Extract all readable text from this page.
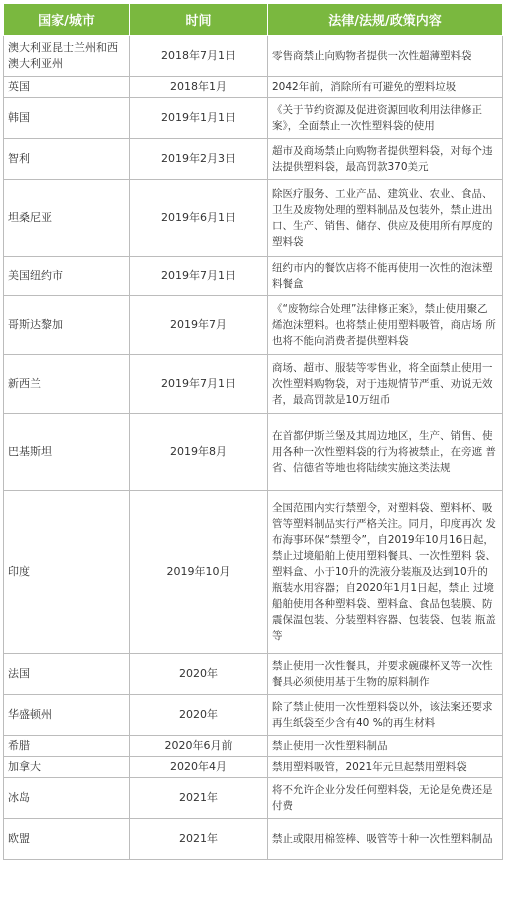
国家/城市	时间	法律/法规/政策内容
澳大利亚昆士兰州和西澳大利亚州	2018年7月1日	零售商禁止向购物者提供一次性超薄塑料袋
英国	2018年1月	2042年前，消除所有可避免的塑料垃圾
韩国	2019年1月1日	《关于节约资源及促进资源回收利用法律修正案》，全面禁止一次性塑料袋的使用
智利	2019年2月3日	超市及商场禁止向购物者提供塑料袋，对每个违法提供塑料袋，最高罚款370美元
坦桑尼亚	2019年6月1日	除医疗服务、工业产品、建筑业、农业、食品、卫生及废物处理的塑料制品及包装外，禁止进出 口、生产、销售、储存、供应及使用所有厚度的塑料袋
美国纽约市	2019年7月1日	纽约市内的餐饮店将不能再使用一次性的泡沫塑料餐盒
哥斯达黎加	2019年7月	《“废物综合处理”法律修正案》，禁止使用聚乙烯泡沫塑料。也将禁止使用塑料吸管，商店场 所也将不能向消费者提供塑料袋
新西兰	2019年7月1日	商场、超市、服装等零售业，将全面禁止使用一次性塑料购物袋，对于违规情节严重、劝说无效 者，最高罚款是10万纽币
巴基斯坦	2019年8月	在首都伊斯兰堡及其周边地区，生产、销售、使用各种一次性塑料袋的行为将被禁止，在旁遮 普省、信德省等地也将陆续实施这类法规
印度	2019年10月	全国范围内实行禁塑令，对塑料袋、塑料杯、吸管等塑料制品实行严格关注。同月，印度再次 发布海事环保“禁塑令”，自2019年10月16日起，禁止过境船舶上使用塑料餐具、一次性塑料 袋、塑料盒、小于10升的洗液分装瓶及达到10升的瓶装水用容器；自2020年1月1日起，禁止 过境船舶使用各种塑料袋、塑料盒、食品包装膜、防震保温包装、分装塑料容器、包装袋、包装 瓶盖等
法国	2020年	禁止使用一次性餐具，并要求碗碟杯叉等一次性餐具必须使用基于生物的原料制作
华盛顿州	2020年	除了禁止使用一次性塑料袋以外，该法案还要求再生纸袋至少含有40 %的再生材料
希腊	2020年6月前	禁止使用一次性塑料制品
加拿大	2020年4月	禁用塑料吸管，2021年元旦起禁用塑料袋
冰岛	2021年	将不允许企业分发任何塑料袋，无论是免费还是付费
欧盟	2021年	禁止或限用棉签棒、吸管等十种一次性塑料制品
